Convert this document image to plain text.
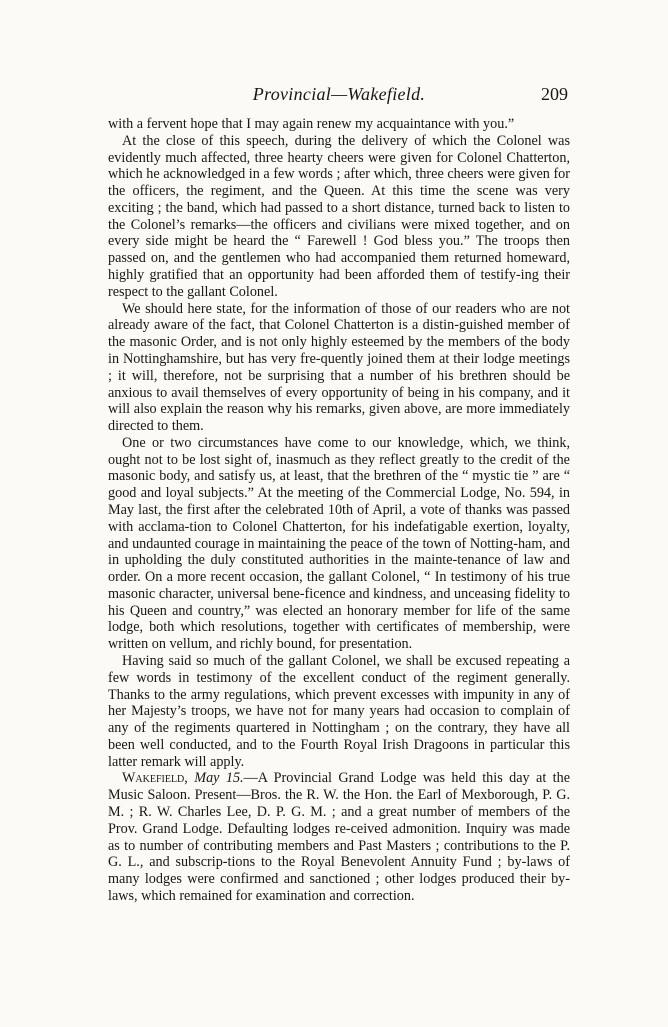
Provincial—Wakefield.	209

with a fervent hope that I may again renew my acquaintance with you.”

At the close of this speech, during the delivery of which the Colonel was evidently much affected, three hearty cheers were given for Colonel Chatterton, which he acknowledged in a few words ; after which, three cheers were given for the officers, the regiment, and the Queen. At this time the scene was very exciting ; the band, which had passed to a short distance, turned back to listen to the Colonel’s remarks—the officers and civilians were mixed together, and on every side might be heard the “ Farewell ! God bless you.” The troops then passed on, and the gentlemen who had accompanied them returned homeward, highly gratified that an opportunity had been afforded them of testify-ing their respect to the gallant Colonel.

We should here state, for the information of those of our readers who are not already aware of the fact, that Colonel Chatterton is a distin-guished member of the masonic Order, and is not only highly esteemed by the members of the body in Nottinghamshire, but has very fre-quently joined them at their lodge meetings ; it will, therefore, not be surprising that a number of his brethren should be anxious to avail themselves of every opportunity of being in his company, and it will also explain the reason why his remarks, given above, are more immediately directed to them.

One or two circumstances have come to our knowledge, which, we think, ought not to be lost sight of, inasmuch as they reflect greatly to the credit of the masonic body, and satisfy us, at least, that the brethren of the “ mystic tie ” are “ good and loyal subjects.” At the meeting of the Commercial Lodge, No. 594, in May last, the first after the celebrated 10th of April, a vote of thanks was passed with acclama-tion to Colonel Chatterton, for his indefatigable exertion, loyalty, and undaunted courage in maintaining the peace of the town of Notting-ham, and in upholding the duly constituted authorities in the mainte-tenance of law and order. On a more recent occasion, the gallant Colonel, “ In testimony of his true masonic character, universal bene-ficence and kindness, and unceasing fidelity to his Queen and country,” was elected an honorary member for life of the same lodge, both which resolutions, together with certificates of membership, were written on vellum, and richly bound, for presentation.

Having said so much of the gallant Colonel, we shall be excused repeating a few words in testimony of the excellent conduct of the regiment generally. Thanks to the army regulations, which prevent excesses with impunity in any of her Majesty’s troops, we have not for many years had occasion to complain of any of the regiments quartered in Nottingham ; on the contrary, they have all been well conducted, and to the Fourth Royal Irish Dragoons in particular this latter remark will apply.

Wakefield, May 15.—A Provincial Grand Lodge was held this day at the Music Saloon. Present—Bros. the R. W. the Hon. the Earl of Mexborough, P. G. M. ; R. W. Charles Lee, D. P. G. M. ; and a great number of members of the Prov. Grand Lodge. Defaulting lodges re-ceived admonition. Inquiry was made as to number of contributing members and Past Masters ; contributions to the P. G. L., and subscrip-tions to the Royal Benevolent Annuity Fund ; by-laws of many lodges were confirmed and sanctioned ; other lodges produced their by-laws, which remained for examination and correction.
